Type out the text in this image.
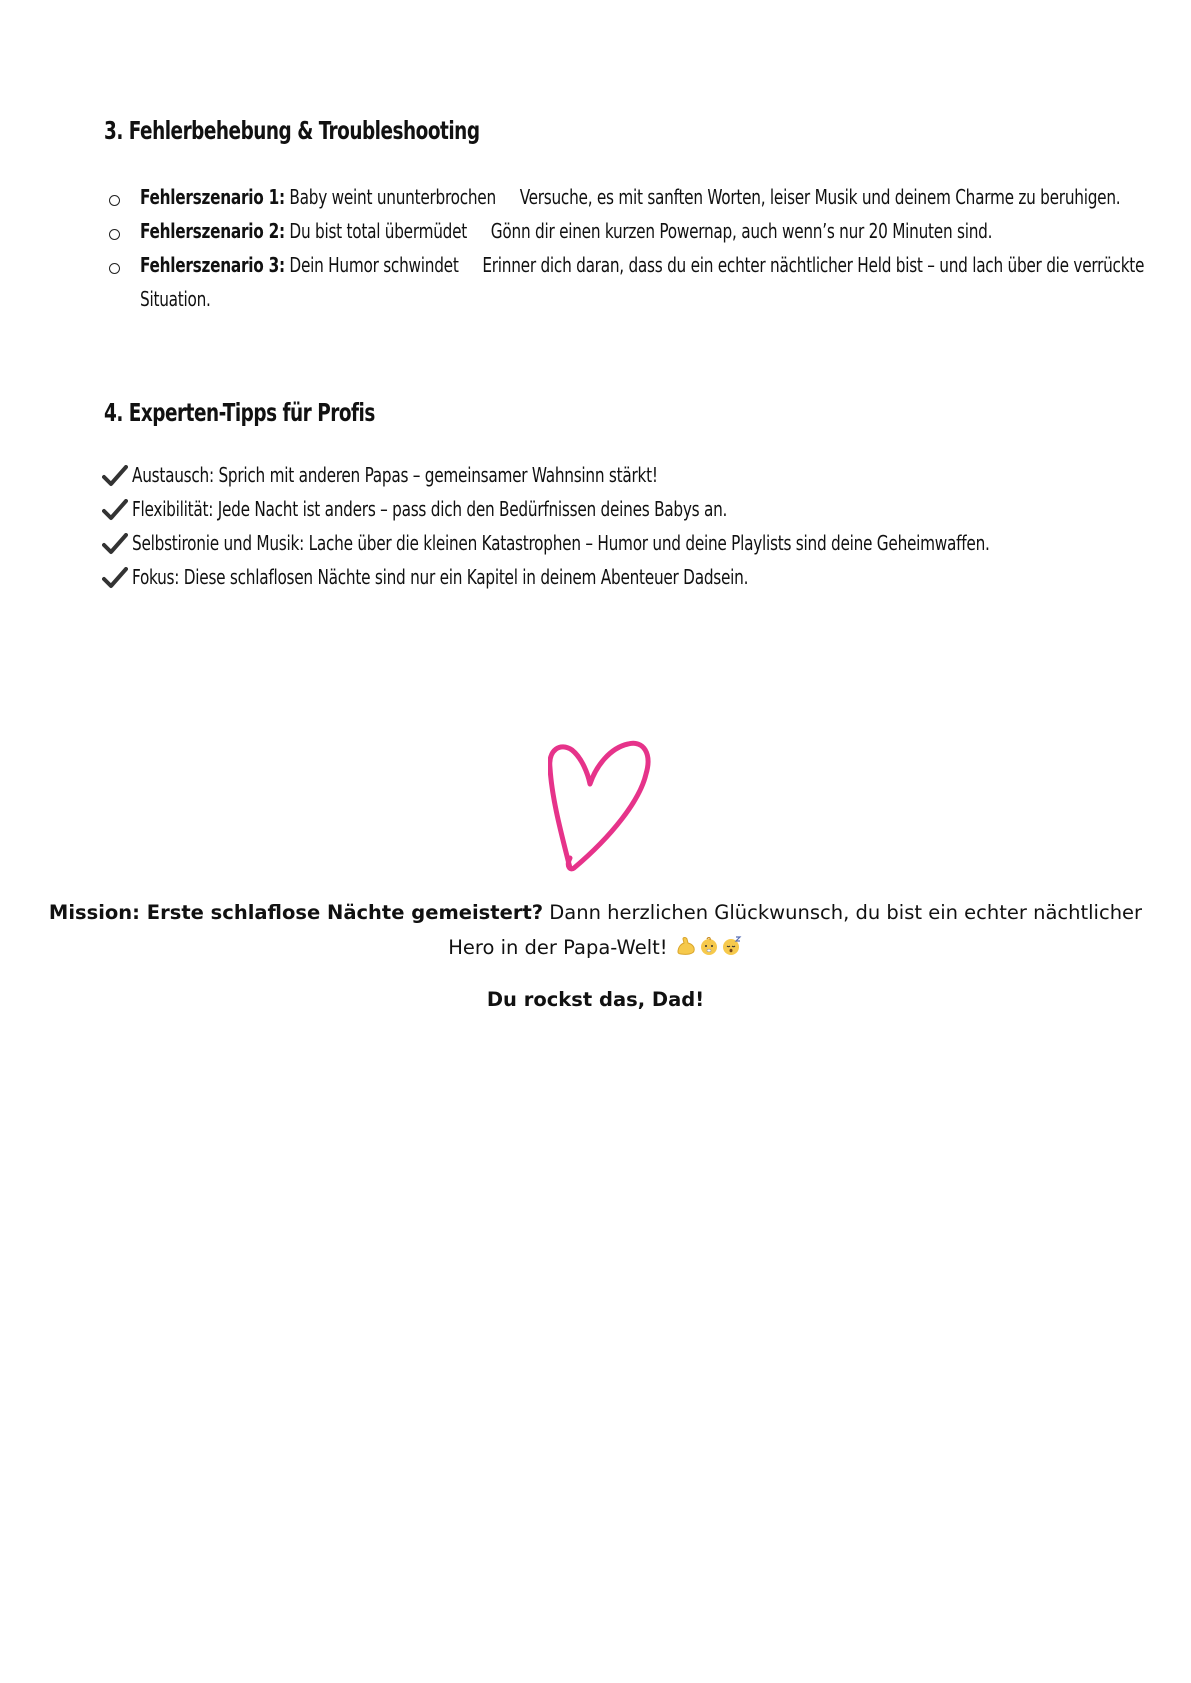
3. Fehlerbehebung & Troubleshooting
Fehlerszenario 1: Baby weint ununterbrochen Versuche, es mit sanften Worten, leiser Musik und deinem Charme zu beruhigen.
Fehlerszenario 2: Du bist total übermüdet Gönn dir einen kurzen Powernap, auch wenn’s nur 20 Minuten sind.
Fehlerszenario 3: Dein Humor schwindet Erinner dich daran, dass du ein echter nächtlicher Held bist – und lach über die verrückte Situation.
4. Experten-Tipps für Profis
Austausch: Sprich mit anderen Papas – gemeinsamer Wahnsinn stärkt!
Flexibilität: Jede Nacht ist anders – pass dich den Bedürfnissen deines Babys an.
Selbstironie und Musik: Lache über die kleinen Katastrophen – Humor und deine Playlists sind deine Geheimwaffen.
Fokus: Diese schlaflosen Nächte sind nur ein Kapitel in deinem Abenteuer Dadsein.
Mission: Erste schlaflose Nächte gemeistert? Dann herzlichen Glückwunsch, du bist ein echter nächtlicher Hero in der Papa-Welt!
Du rockst das, Dad!
